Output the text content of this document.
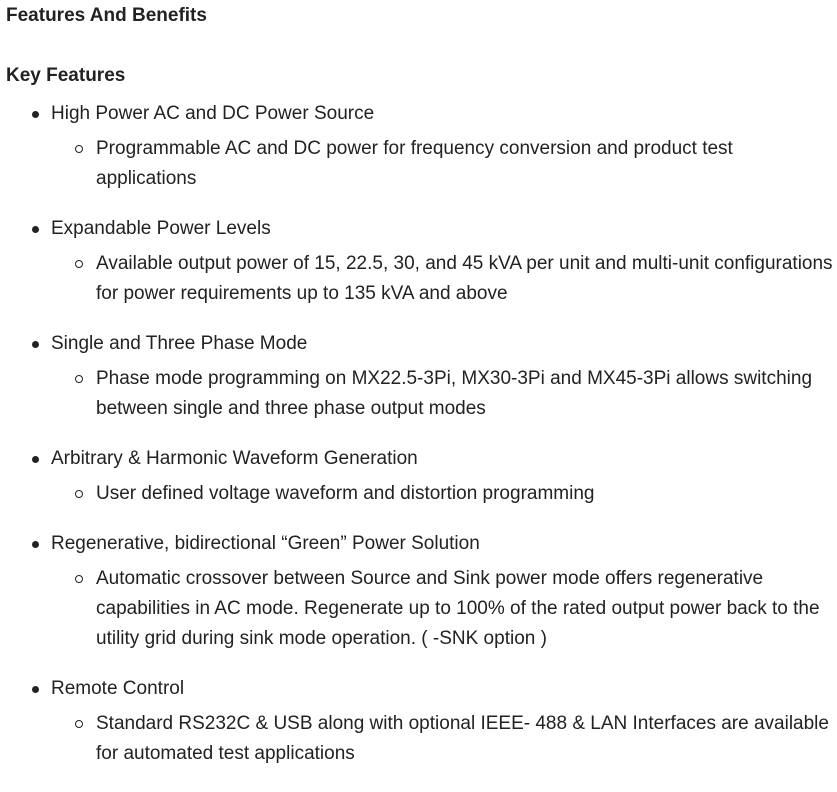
Features And Benefits
Key Features
High Power AC and DC Power Source
Programmable AC and DC power for frequency conversion and product test applications
Expandable Power Levels
Available output power of 15, 22.5, 30, and 45 kVA per unit and multi-unit configurations for power requirements up to 135 kVA and above
Single and Three Phase Mode
Phase mode programming on MX22.5-3Pi, MX30-3Pi and MX45-3Pi allows switching between single and three phase output modes
Arbitrary & Harmonic Waveform Generation
User defined voltage waveform and distortion programming
Regenerative, bidirectional “Green” Power Solution
Automatic crossover between Source and Sink power mode offers regenerative capabilities in AC mode. Regenerate up to 100% of the rated output power back to the utility grid during sink mode operation. ( -SNK option )
Remote Control
Standard RS232C & USB along with optional IEEE- 488 & LAN Interfaces are available for automated test applications
